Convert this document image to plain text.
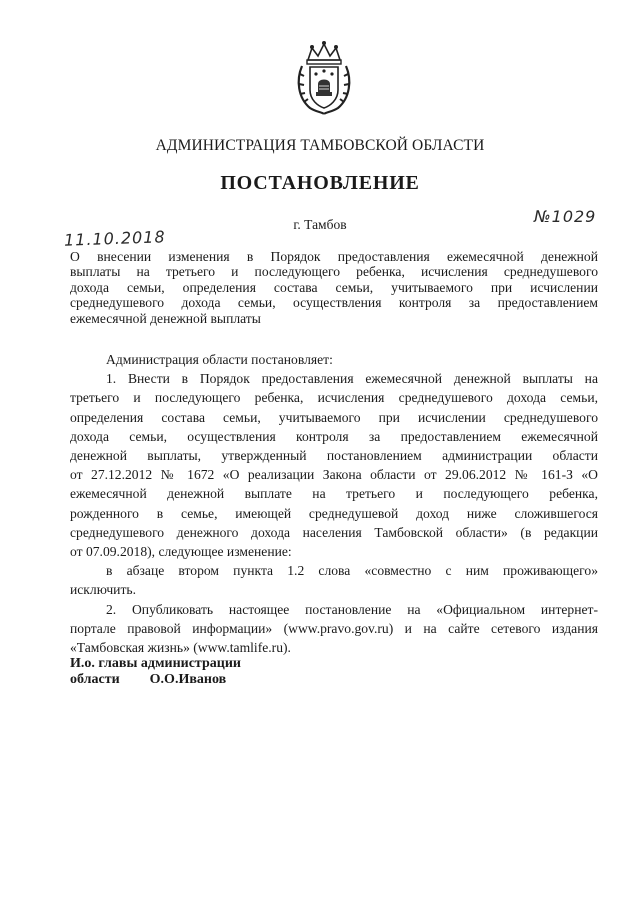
АДМИНИСТРАЦИЯ ТАМБОВСКОЙ ОБЛАСТИ
ПОСТАНОВЛЕНИЕ
г. Тамбов
11.10.2018
№1029
О внесении изменения в Порядок предоставления ежемесячной денежной
выплаты на третьего и последующего ребенка, исчисления среднедушевого
дохода семьи, определения состава семьи, учитываемого при исчислении
среднедушевого дохода семьи, осуществления контроля за предоставлением
ежемесячной денежной выплаты
Администрация области постановляет:
1. Внести в Порядок предоставления ежемесячной денежной выплаты на
третьего и последующего ребенка, исчисления среднедушевого дохода семьи,
определения состава семьи, учитываемого при исчислении среднедушевого
дохода семьи, осуществления контроля за предоставлением ежемесячной
денежной выплаты, утвержденный постановлением администрации области
от 27.12.2012 № 1672 «О реализации Закона области от 29.06.2012 № 161-З «О
ежемесячной денежной выплате на третьего и последующего ребенка,
рожденного в семье, имеющей среднедушевой доход ниже сложившегося
среднедушевого денежного дохода населения Тамбовской области» (в редакции
от 07.09.2018), следующее изменение:
в абзаце втором пункта 1.2 слова «совместно с ним проживающего»
исключить.
2. Опубликовать настоящее постановление на «Официальном интернет-
портале правовой информации» (www.pravo.gov.ru) и на сайте сетевого издания
«Тамбовская жизнь» (www.tamlife.ru).
И.о. главы администрации
области О.О.Иванов
